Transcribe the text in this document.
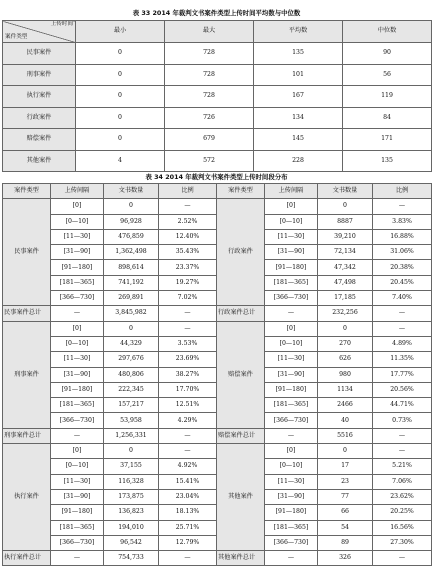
表 33 2014 年裁判文书案件类型上传时间平均数与中位数
上传时间
案件类型	最小	最大	平均数	中位数
民事案件	0	728	135	90
刑事案件	0	728	101	56
执行案件	0	728	167	119
行政案件	0	726	134	84
赔偿案件	0	679	145	171
其他案件	4	572	228	135
表 34 2014 年裁判文书案件类型上传时间段分布
案件类型	上传间隔	文书数量	比例	案件类型	上传间隔	文书数量	比例
民事案件	[0]	0	—	行政案件	[0]	0	—
	[0—10]	96,928	2.52%		[0—10]	8887	3.83%
	[11—30]	476,859	12.40%		[11—30]	39,210	16.88%
	[31—90]	1,362,498	35.43%		[31—90]	72,134	31.06%
	[91—180]	898,614	23.37%		[91—180]	47,342	20.38%
	[181—365]	741,192	19.27%		[181—365]	47,498	20.45%
	[366—730]	269,891	7.02%		[366—730]	17,185	7.40%
民事案件总计	—	3,845,982	—	行政案件总计	—	232,256	—
刑事案件	[0]	0	—	赔偿案件	[0]	0	—
	[0—10]	44,329	3.53%		[0—10]	270	4.89%
	[11—30]	297,676	23.69%		[11—30]	626	11.35%
	[31—90]	480,806	38.27%		[31—90]	980	17.77%
	[91—180]	222,345	17.70%		[91—180]	1134	20.56%
	[181—365]	157,217	12.51%		[181—365]	2466	44.71%
	[366—730]	53,958	4.29%		[366—730]	40	0.73%
刑事案件总计	—	1,256,331	—	赔偿案件总计	—	5516	—
执行案件	[0]	0	—	其他案件	[0]	0	—
	[0—10]	37,155	4.92%		[0—10]	17	5.21%
	[11—30]	116,328	15.41%		[11—30]	23	7.06%
	[31—90]	173,875	23.04%		[31—90]	77	23.62%
	[91—180]	136,823	18.13%		[91—180]	66	20.25%
	[181—365]	194,010	25.71%		[181—365]	54	16.56%
	[366—730]	96,542	12.79%		[366—730]	89	27.30%
执行案件总计	—	754,733	—	其他案件总计	—	326	—
